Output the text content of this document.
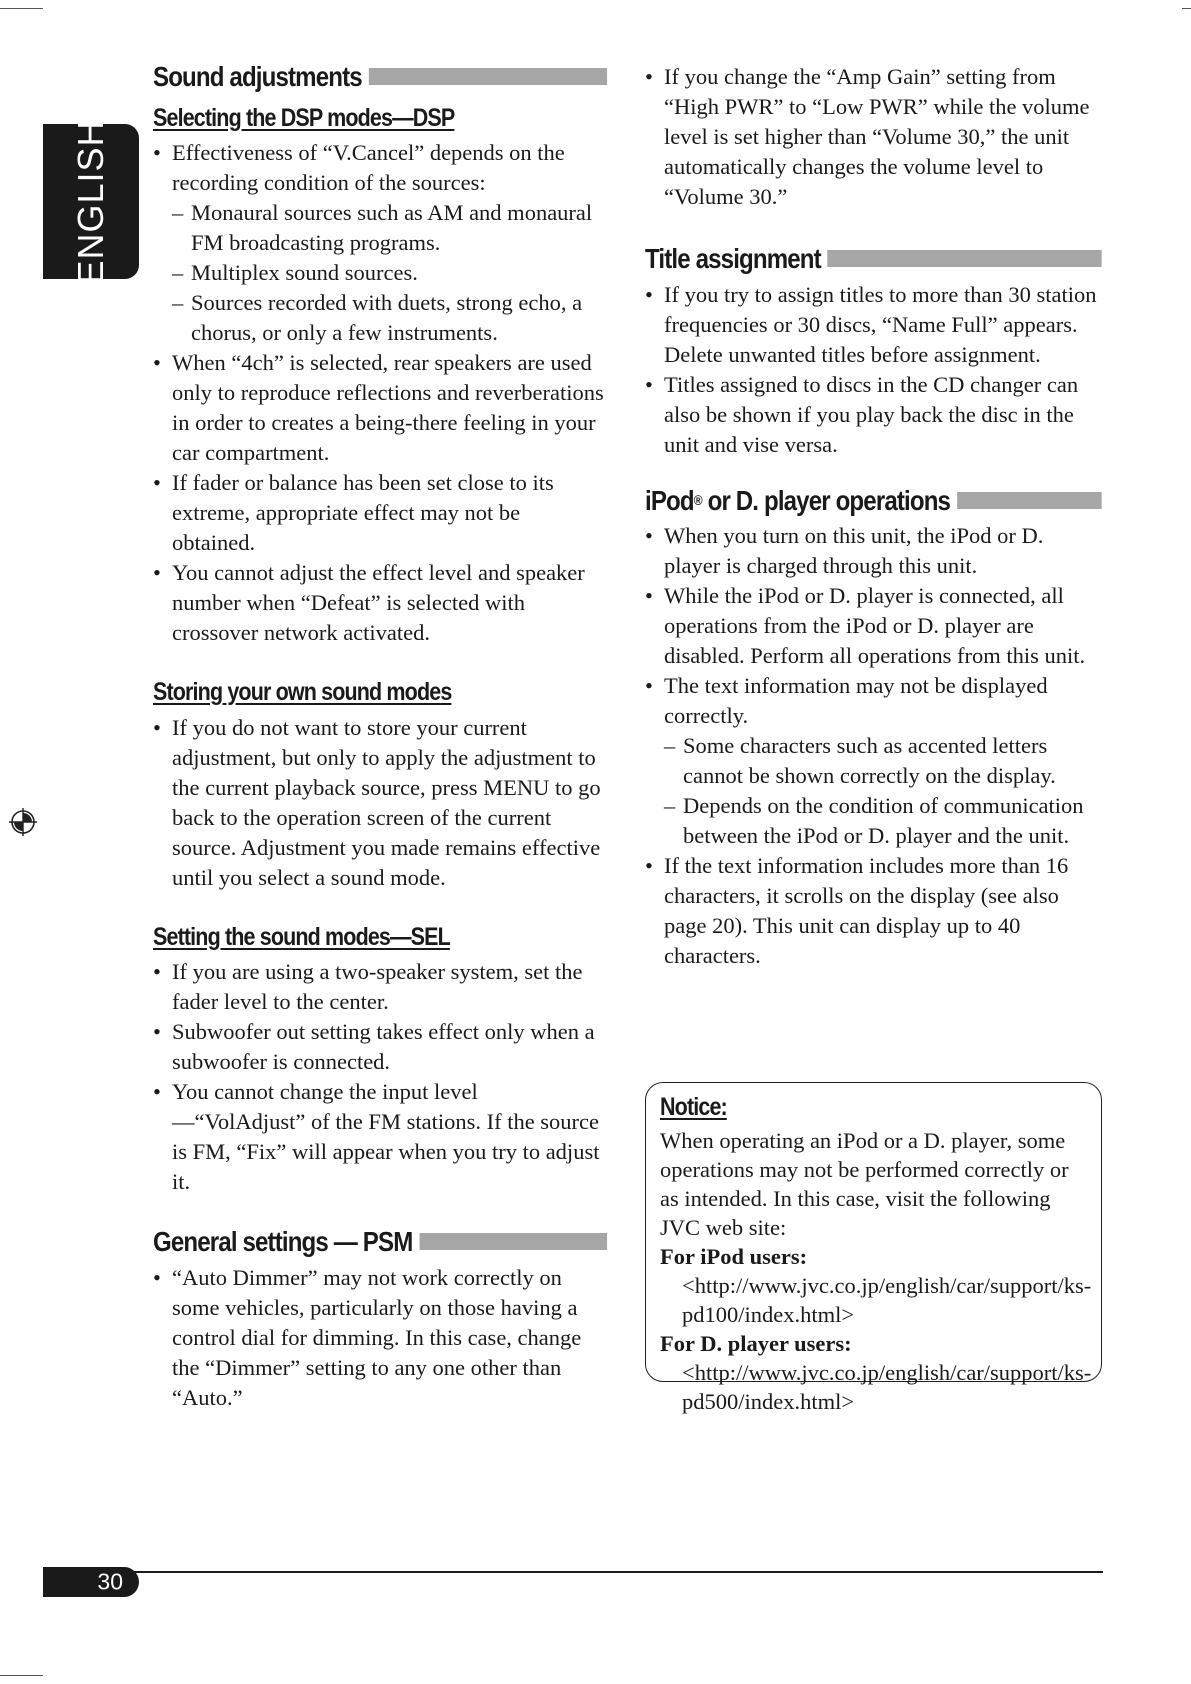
ENGLISH
Sound adjustments
Selecting the DSP modes—DSP
• Effectiveness of “V.Cancel” depends on the recording condition of the sources:
– Monaural sources such as AM and monaural FM broadcasting programs.
– Multiplex sound sources.
– Sources recorded with duets, strong echo, a chorus, or only a few instruments.
• When “4ch” is selected, rear speakers are used only to reproduce reflections and reverberations in order to creates a being-there feeling in your car compartment.
• If fader or balance has been set close to its extreme, appropriate effect may not be obtained.
• You cannot adjust the effect level and speaker number when “Defeat” is selected with crossover network activated.
Storing your own sound modes
• If you do not want to store your current adjustment, but only to apply the adjustment to the current playback source, press MENU to go back to the operation screen of the current source. Adjustment you made remains effective until you select a sound mode.
Setting the sound modes—SEL
• If you are using a two-speaker system, set the fader level to the center.
• Subwoofer out setting takes effect only when a subwoofer is connected.
• You cannot change the input level—“VolAdjust” of the FM stations. If the source is FM, “Fix” will appear when you try to adjust it.
General settings — PSM
• “Auto Dimmer” may not work correctly on some vehicles, particularly on those having a control dial for dimming. In this case, change the “Dimmer” setting to any one other than “Auto.”
• If you change the “Amp Gain” setting from “High PWR” to “Low PWR” while the volume level is set higher than “Volume 30,” the unit automatically changes the volume level to “Volume 30.”
Title assignment
• If you try to assign titles to more than 30 station frequencies or 30 discs, “Name Full” appears. Delete unwanted titles before assignment.
• Titles assigned to discs in the CD changer can also be shown if you play back the disc in the unit and vise versa.
iPod ® or D. player operations
• When you turn on this unit, the iPod or D. player is charged through this unit.
• While the iPod or D. player is connected, all operations from the iPod or D. player are disabled. Perform all operations from this unit.
• The text information may not be displayed correctly.
– Some characters such as accented letters cannot be shown correctly on the display.
– Depends on the condition of communication between the iPod or D. player and the unit.
• If the text information includes more than 16 characters, it scrolls on the display (see also page 20). This unit can display up to 40 characters.
Notice:

When operating an iPod or a D. player, some operations may not be performed correctly or as intended. In this case, visit the following JVC web site:

For iPod users: <http://www.jvc.co.jp/english/car/support/ks-pd100/index.html>
For D. player users: <http://www.jvc.co.jp/english/car/support/ks-pd500/index.html>
30
